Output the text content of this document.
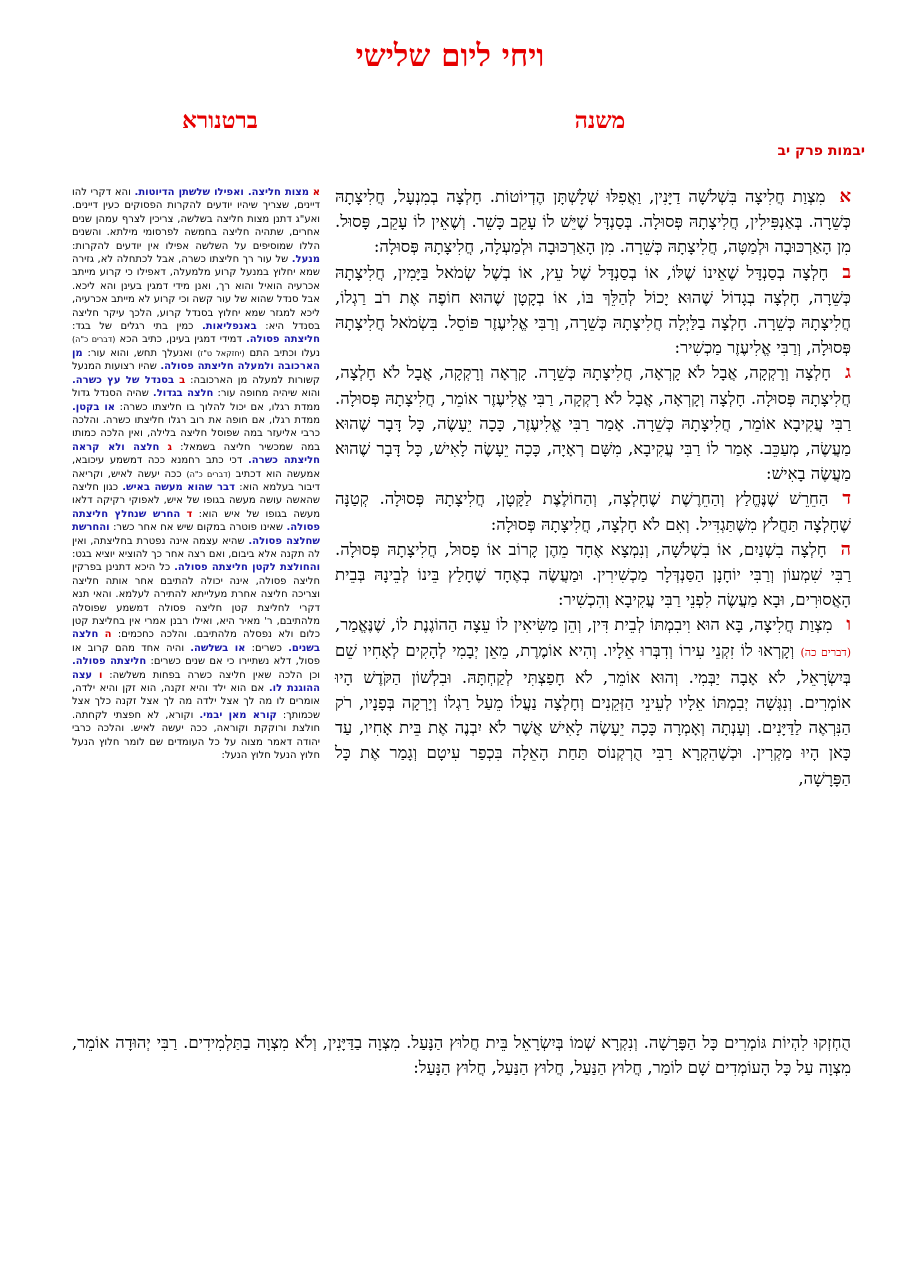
ויחי ליום שלישי
משנה
ברטנורא
יבמות פרק יב

אמִצְוַת חֲלִיצָה בִּשְׁלֹשָׁה דַיָּנִין, וַאֲפִלּוּ שְׁלָשְׁתָּן הֶדְיוֹטוֹת. חָלְצָה בְמִנְעָל, חֲלִיצָתָהּ כְּשֵׁרָה. בְּאַנְפִּילִין, חֲלִיצָתָהּ פְּסוּלָה. בְּסַנְדָּל שֶׁיֵּשׁ לוֹ עָקֵב כָּשֵׁר. וְשֶׁאֵין לוֹ עָקֵב, פָּסוּל. מִן הָאַרְכּוּבָה וּלְמַטָּה, חֲלִיצָתָהּ כְּשֵׁרָה. מִן הָאַרְכּוּבָה וּלְמַעְלָה, חֲלִיצָתָהּ פְּסוּלָה:

בחָלְצָה בְסַנְדָּל שֶׁאֵינוֹ שֶׁלּוֹ, אוֹ בְסַנְדָּל שֶׁל עֵץ, אוֹ בְשֶׁל שְׂמֹאל בַּיָּמִין, חֲלִיצָתָהּ כְּשֵׁרָה, חָלְצָה בְגָדוֹל שֶׁהוּא יָכוֹל לְהַלֵּךְ בּוֹ, אוֹ בְקָטָן שֶׁהוּא חוֹפֶה אֶת רֹב רַגְלוֹ, חֲלִיצָתָהּ כְּשֵׁרָה. חָלְצָה בַלַּיְלָה חֲלִיצָתָהּ כְּשֵׁרָה, וְרַבִּי אֱלִיעֶזֶר פּוֹסֵל. בִּשְׂמֹאל חֲלִיצָתָהּ פְּסוּלָה, וְרַבִּי אֱלִיעֶזֶר מַכְשִׁיר:

גחָלְצָה וְרָקְקָה, אֲבָל לֹא קָרְאָה, חֲלִיצָתָהּ כְּשֵׁרָה. קָרְאָה וְרָקְקָה, אֲבָל לֹא חָלְצָה, חֲלִיצָתָהּ פְּסוּלָה. חָלְצָה וְקָרְאָה, אֲבָל לֹא רָקְקָה, רַבִּי אֱלִיעֶזֶר אוֹמֵר, חֲלִיצָתָהּ פְּסוּלָה. רַבִּי עֲקִיבָא אוֹמֵר, חֲלִיצָתָהּ כְּשֵׁרָה. אָמַר רַבִּי אֱלִיעֶזֶר, כָּכָה יֵעָשֶׂה, כָּל דָּבָר שֶׁהוּא מַעֲשֶׂה, מְעַכֵּב. אָמַר לוֹ רַבִּי עֲקִיבָא, מִשָּׁם רְאָיָה, כָּכָה יֵעָשֶׂה לָאִישׁ, כָּל דָּבָר שֶׁהוּא מַעֲשֶׂה בָאִישׁ:

דהַחֵרֵשׁ שֶׁנֶּחֱלַץ וְהַחֵרֶשֶׁת שֶׁחָלְצָה, וְהַחוֹלֶצֶת לַקָּטָן, חֲלִיצָתָהּ פְּסוּלָה. קְטַנָּה שֶׁחָלְצָה תַּחֲלֹץ מִשֶּׁתַּגְדִּיל. וְאִם לֹא חָלְצָה, חֲלִיצָתָהּ פְּסוּלָה:

החָלְצָה בִשְׁנַיִם, אוֹ בִשְׁלֹשָׁה, וְנִמְצָא אֶחָד מֵהֶן קָרוֹב אוֹ פָסוּל, חֲלִיצָתָהּ פְּסוּלָה. רַבִּי שִׁמְעוֹן וְרַבִּי יוֹחָנָן הַסַּנְדְּלָר מַכְשִׁירִין. וּמַעֲשֶׂה בְאֶחָד שֶׁחָלַץ בֵּינוֹ לְבֵינָהּ בְּבֵית הָאֲסוּרִים, וּבָא מַעֲשֶׂה לִפְנֵי רַבִּי עֲקִיבָא וְהִכְשִׁיר:

ומִצְוַת חֲלִיצָה, בָּא הוּא וִיבִמְתּוֹ לְבֵית דִּין, וְהֵן מַשִּׂיאִין לוֹ עֵצָה הַהוֹגֶנֶת לוֹ, שֶׁנֶּאֱמַר, (דברים כה) וְקָרְאוּ לוֹ זִקְנֵי עִירוֹ וְדִבְּרוּ אֵלָיו. וְהִיא אוֹמֶרֶת, מֵאֵן יְבָמִי לְהָקִים לְאָחִיו שֵׁם בְּיִשְׂרָאֵל, לֹא אָבָה יַבְּמִי. וְהוּא אוֹמֵר, לֹא חָפַצְתִּי לְקַחְתָּהּ. וּבִלְשׁוֹן הַקֹּדֶשׁ הָיוּ אוֹמְרִים. וְנִגְּשָׁה יְבִמְתּוֹ אֵלָיו לְעֵינֵי הַזְּקֵנִים וְחָלְצָה נַעֲלוֹ מֵעַל רַגְלוֹ וְיָרְקָה בְּפָנָיו, רֹק הַנִּרְאֶה לַדַּיָּנִים. וְעָנְתָה וְאָמְרָה כָּכָה יֵעָשֶׂה לָאִישׁ אֲשֶׁר לֹא יִבְנֶה אֶת בֵּית אָחִיו, עַד כָּאן הָיוּ מַקְרִין. וּכְשֶׁהִקְרָא רַבִּי הֻרְקְנוֹס תַּחַת הָאֵלָה בִּכְפַר עִיטָם וְגָמַר אֶת כָּל הַפָּרָשָׁה,

הֻחְזְקוּ לִהְיוֹת גּוֹמְרִים כָּל הַפָּרָשָׁה. וְנִקְרָא שְׁמוֹ בְּיִשְׂרָאֵל בֵּית חֲלוּץ הַנָּעַל. מִצְוָה בַדַּיָּנִין, וְלֹא מִצְוָה בַתַּלְמִידִים. רַבִּי יְהוּדָה אוֹמֵר, מִצְוָה עַל כָּל הָעוֹמְדִים שָׁם לוֹמַר, חֲלוּץ הַנַּעַל, חֲלוּץ הַנַּעַל, חֲלוּץ הַנָּעַל:
א מצות חליצה. ואפילו שלשתן הדיוטות. והא דקרי להו דיינים, שצריך שיהיו יודעים להקרות הפסוקים כעין דיינים. ואע"ג דתנן מצות חליצה בשלשה, צריכין לצרף עמהן שנים אחרים, שתהיה חליצה בחמשה לפרסומי מילתא. והשנים הללו שמוסיפים על השלשה אפילו אין יודעים להקרות: מנעל. של עור רך חליצתו כשרה, אבל לכתחלה לא, גזירה שמא יחלוץ במנעל קרוע מלמעלה, דאפילו כי קרוע מייתב אכרעיה הואיל והוא רך, ואנן מידי דמגין בעינן והא ליכא. אבל סנדל שהוא של עור קשה וכי קרוע לא מייתב אכרעיה, ליכא למגזר שמא יחלוץ בסנדל קרוע, הלכך עיקר חליצה בסנדל היא: באנפליאות. כמין בתי רגלים של בגד: חליצתה פסולה. דמידי דמגין בעינן, כתיב הכא (דברים כ"ה) נעלו וכתיב התם (יחזקאל ט"ז) ואנעלך תחש, והוא עור: מן הארכובה ולמעלה חליצתה פסולה. שהיו רצועות המנעל קשורות למעלה מן הארכובה: ב בסנדל של עץ כשרה. והוא שיהיה מחופה עור: חלצה בגדול. שהיה הסנדל גדול ממדת רגלו, אם יכול להלוך בו חליצתו כשרה: או בקטן. ממדת רגלו, אם חופה את רוב רגלו חליצתו כשרה. והלכה כרבי אליעזר במה שפוסל חליצה בלילה, ואין הלכה כמותו במה שמכשיר חליצה בשמאל: ג חלצה ולא קראה חליצתה כשרה. דכי כתב רחמנא ככה דמשמע עיכובא, אמעשה הוא דכתיב (דברים כ"ה) ככה יעשה לאיש, וקריאה דיבור בעלמא הוא: דבר שהוא מעשה באיש. כגון חליצה שהאשה עושה מעשה בגופו של איש, לאפוקי רקיקה דלאו מעשה בגופו של איש הוא: ד החרש שנחלץ חליצתה פסולה. שאינו פוטרה במקום שיש אח אחר כשר: והחרשת שחלצה פסולה. שהיא עצמה אינה נפטרת בחליצתה, ואין לה תקנה אלא ביבום, ואם רצה אחר כך להוציא יוציא בגט: והחולצת לקטן חליצתה פסולה. כל היכא דתנינן בפרקין חליצה פסולה, אינה יכולה להתיבם אחר אותה חליצה וצריכה חליצה אחרת מעלייתא להתירה לעלמא. והאי תנא דקרי לחליצת קטן חליצה פסולה דמשמע שפוסלה מלהתיבם, ר' מאיר היא, ואילו רבנן אמרי אין בחליצת קטן כלום ולא נפסלה מלהתיבם. והלכה כחכמים: ה חלצה בשנים. כשרים: או בשלשה. והיה אחד מהם קרוב או פסול, דלא נשתיירו כי אם שנים כשרים: חליצתה פסולה. וכן הלכה שאין חליצה כשרה בפחות משלשה: ו עצה ההוגנת לו. אם הוא ילד והיא זקנה, הוא זקן והיא ילדה, אומרים לו מה לך אצל ילדה מה לך אצל זקנה כלך אצל שכמותך: קורא מאן יבמי. וקורא, לא חפצתי לקחתה. חולצת ורוקקת וקוראה, ככה יעשה לאיש. והלכה כרבי יהודה דאמר מצוה על כל העומדים שם לומר חלוץ הנעל חלוץ הנעל חלוץ הנעל:
